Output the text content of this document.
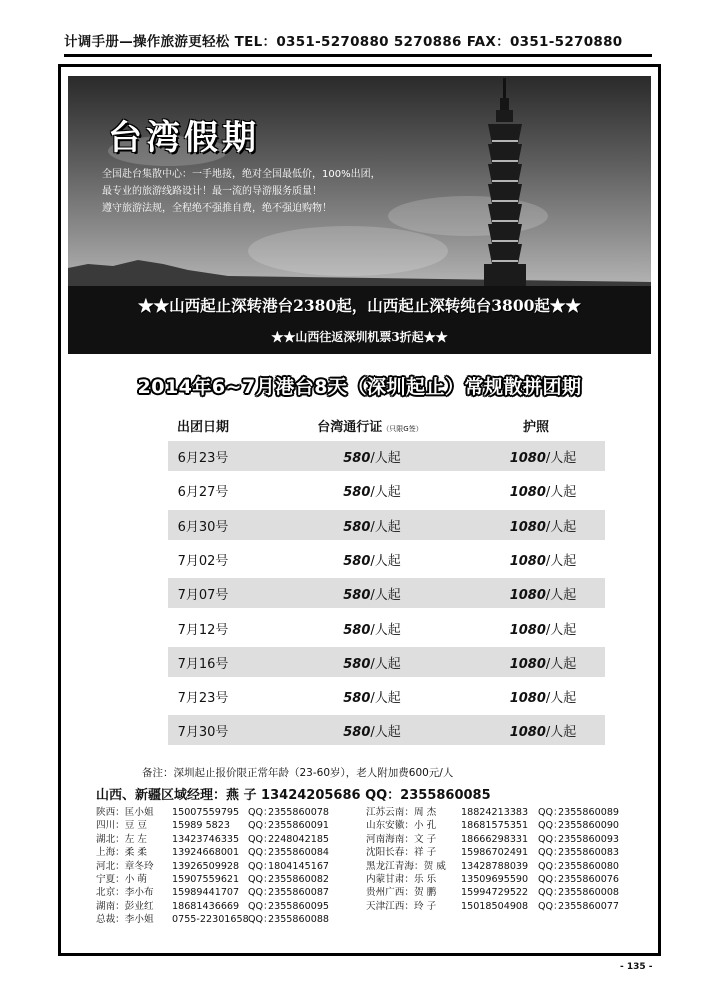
计调手册—操作旅游更轻松 TEL：0351-5270880 5270886 FAX：0351-5270880
台湾假期
全国赴台集散中心：一手地接，绝对全国最低价，100%出团，
最专业的旅游线路设计！最一流的导游服务质量！
遵守旅游法规，全程绝不强推自费，绝不强迫购物！
★★山西起止深转港台2380起，山西起止深转纯台3800起★★
★★山西往返深圳机票3折起★★
2014年6~7月港台8天（深圳起止）常规散拼团期
出团日期	台湾通行证（只限G签）	护照
6月23号	580/人起	1080/人起
6月27号	580/人起	1080/人起
6月30号	580/人起	1080/人起
7月02号	580/人起	1080/人起
7月07号	580/人起	1080/人起
7月12号	580/人起	1080/人起
7月16号	580/人起	1080/人起
7月23号	580/人起	1080/人起
7月30号	580/人起	1080/人起
备注：深圳起止报价限正常年龄（23-60岁），老人附加费600元/人
山西、新疆区域经理：燕 子 13424205686 QQ：2355860085
陕西：匡小姐 15007559795 QQ：2355860078
四川：豆 豆	15989 5823 QQ：2355860091
湖北：左 左	13423746335 QQ：2248042185
上海：柔 柔	13924668001 QQ：2355860084
河北：章冬玲 13926509928 QQ：1804145167
宁夏：小 萌	15907559621 QQ：2355860082
北京：李小布 15989441707 QQ：2355860087
湖南：彭业红 18681436669 QQ：2355860095
总裁：李小姐 0755-22301658QQ：2355860088
江苏云南：周 杰	18824213383 QQ：2355860089
山东安徽：小 孔	18681575351 QQ：2355860090
河南海南：文 子	18666298331 QQ：2355860093
沈阳长春：祥 子	15986702491 QQ：2355860083
黑龙江青海：贺 威 13428788039 QQ：2355860080
内蒙甘肃：乐 乐	13509695590 QQ：2355860076
贵州广西：贺 鹏	15994729522 QQ：2355860008
天津江西：玲 子	15018504908 QQ：2355860077
- 135 -
